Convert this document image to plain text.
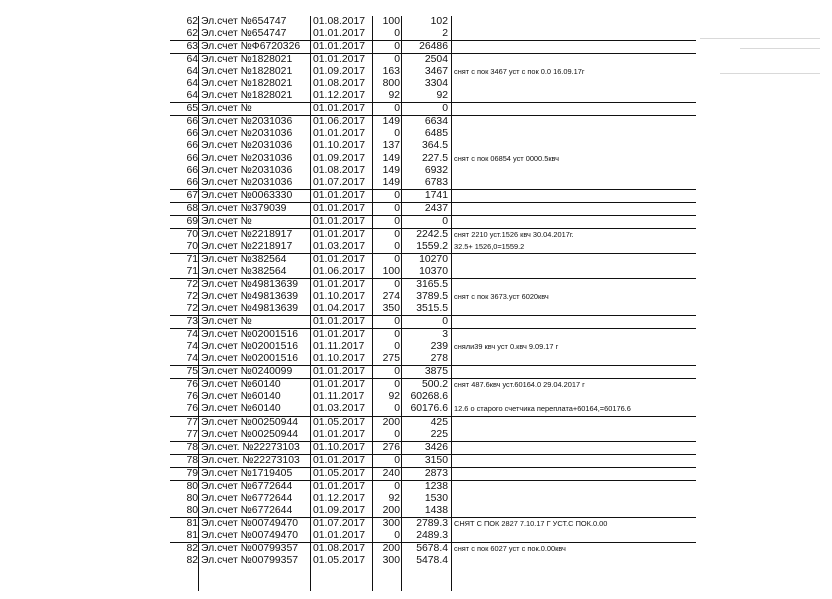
62 Эл.счет №654747	01.08.2017	100	102
62 Эл.счет №654747	01.01.2017	0	2
63 Эл.счет №Ф6720326	01.01.2017	0	26486
64 Эл.счет №1828021	01.01.2017	0	2504
64 Эл.счет №1828021	01.09.2017	163	3467 снят с пок 3467 уст с пок 0.0 16.09.17г
64 Эл.счет №1828021	01.08.2017	800	3304
64 Эл.счет №1828021	01.12.2017	92	92
65 Эл.счет №	01.01.2017	0	0
66 Эл.счет №2031036	01.06.2017	149	6634
66 Эл.счет №2031036	01.01.2017	0	6485
66 Эл.счет №2031036	01.10.2017	137	364.5
66 Эл.счет №2031036	01.09.2017	149	227.5 снят с пок 06854 уст 0000.5квч
66 Эл.счет №2031036	01.08.2017	149	6932
66 Эл.счет №2031036	01.07.2017	149	6783
67 Эл.счет №0063330	01.01.2017	0	1741
68 Эл.счет №379039	01.01.2017	0	2437
69 Эл.счет №	01.01.2017	0	0
70 Эл.счет №2218917	01.01.2017	0	2242.5 снят 2210 уст.1526 квч 30.04.2017г.
70 Эл.счет №2218917	01.03.2017	0	1559.2 32.5+ 1526,0=1559.2
71 Эл.счет №382564	01.01.2017	0	10270
71 Эл.счет №382564	01.06.2017	100	10370
72 Эл.счет №49813639	01.01.2017	0	3165.5
72 Эл.счет №49813639	01.10.2017	274	3789.5 снят с пок 3673.уст 6020квч
72 Эл.счет №49813639	01.04.2017	350	3515.5
73 Эл.счет №	01.01.2017	0	0
74 Эл.счет №02001516	01.01.2017	0	3
74 Эл.счет №02001516	01.11.2017	0	239 сняли39 квч уст 0.квч 9.09.17 г
74 Эл.счет №02001516	01.10.2017	275	278
75 Эл.счет №0240099	01.01.2017	0	3875
76 Эл.счет №60140	01.01.2017	0	500.2 снят 487.6квч уст.60164.0 29.04.2017 г
76 Эл.счет №60140	01.11.2017	92	60268.6
76 Эл.счет №60140	01.03.2017	0	60176.6 12.6 о старого счетчика переплата+60164,=60176.6
77 Эл.счет №00250944	01.05.2017	200	425
77 Эл.счет №00250944	01.01.2017	0	225
78 Эл.счет. №22273103	01.10.2017	276	3426
78 Эл.счет. №22273103	01.01.2017	0	3150
79 Эл.счет №1719405	01.05.2017	240	2873
80 Эл.счет №6772644	01.01.2017	0	1238
80 Эл.счет №6772644	01.12.2017	92	1530
80 Эл.счет №6772644	01.09.2017	200	1438
81 Эл.счет №00749470	01.07.2017	300	2789.3 СНЯТ С ПОК 2827 7.10.17 Г УСТ.С ПОК.0.00
81 Эл.счет №00749470	01.01.2017	0	2489.3
82 Эл.счет №00799357	01.08.2017	200	5678.4 снят с пок 6027 уст с пок.0.00квч
82 Эл.счет №00799357	01.05.2017	300	5478.4
